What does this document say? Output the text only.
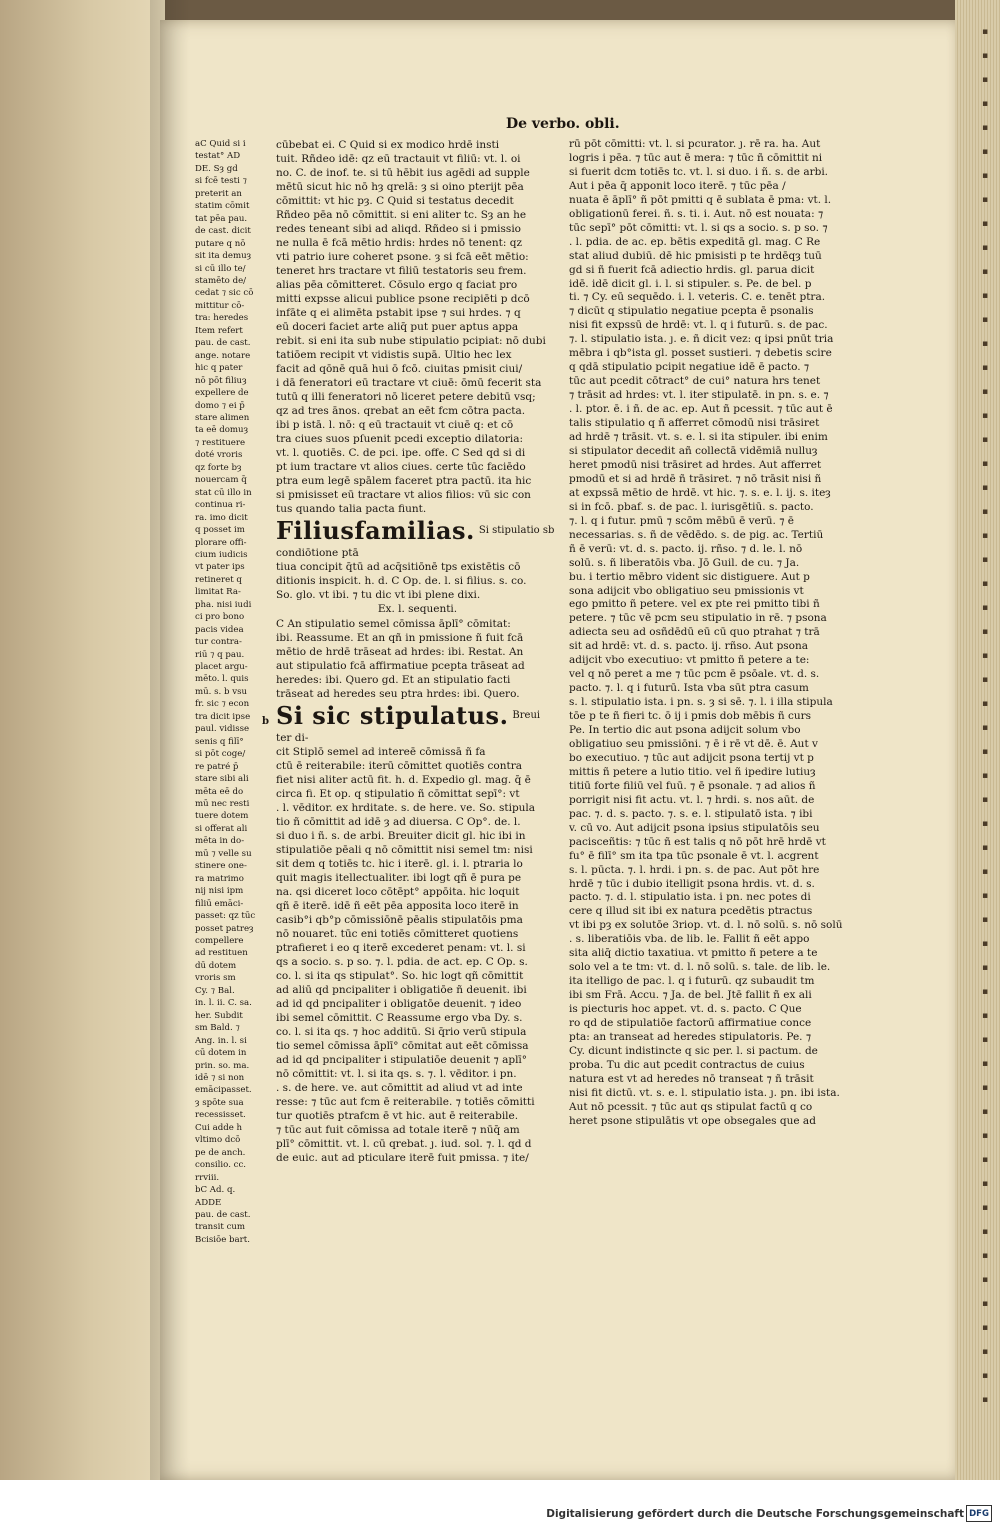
▪
▪
▪
▪
▪
▪
▪
▪
▪
▪
▪
▪
▪
▪
▪
▪
▪
▪
▪
▪
▪
▪
▪
▪
▪
▪
▪
▪
▪
▪
▪
▪
▪
▪
▪
▪
▪
▪
▪
▪
▪
▪
▪
▪
▪
▪
▪
▪
▪
▪
▪
▪
▪
▪
▪
▪
▪
▪
De verbo. obli.
aC Quid si i
testat° AD
DE. Sȝ gd
si fcē testi ⁊
preterit an
statim cōmit
tat pēa pau.
de cast. dicit
putare q nō
sit ita demuȝ
si cū illo te/
stamēto de/
cedat ⁊ sic cō
mittitur cō-
tra: heredes
Item refert
pau. de cast.
ange. notare
hic q pater
nō pōt filiuȝ
expellere de
domo ⁊ ei p̄
stare alimen
ta eē domuȝ
⁊ restituere
doté vroris
qz forte bȝ
nouercam q̄
stat cū illo in
continua ri-
ra. imo dicit
q posset im
plorare offi-
cium iudicis
vt pater ips
retineret q
limitat Ra-
pha. nisi iudi
ci pro bono
pacis videa
tur contra-
riū ⁊ q pau.
placet argu-
mēto. l. quis
mū. s. b vsu
fr. sic ⁊ econ
tra dicit ipse
paul. vidisse
senis q filī°
si pōt coge/
re patré p̄
stare sibi ali
mēta eē do
mū nec resti
tuere dotem
si offerat ali
mēta in do-
mū ⁊ velle su
stinere one-
ra matrimo
nij nisi ipm
filiū emāci-
passet: qz tūc
posset patreȝ
compellere
ad restituen
dū dotem
vroris sm
Cy. ⁊ Bal.
in. l. ii. C. sa.
her. Subdit
sm Bald. ⁊
Ang. in. l. si
cū dotem in
prin. so. ma.
idē ⁊ si non
emācipasset.
ȝ spōte sua
recessisset.
Cui adde h
vltimo dcō
pe de anch.
consilio. cc.
rrviii.
bC Ad. q.
ADDE
pau. de cast.
transit cum
Bcisiōe bart.
cūbebat ei. C Quid si ex modico hrdē insti
tuit. Rñdeo idē: qz eū tractauit vt filiū: vt. l. oi
no. C. de inof. te. si tū hēbit ius agēdi ad supple
mētū sicut hic nō hȝ qrelā: ȝ si oino pterijt pēa
cōmittit: vt hic pȝ. C Quid si testatus decedit
Rñdeo pēa nō cōmittit. si eni aliter tc. Sȝ an he
redes teneant sibi ad aliqd. Rñdeo si i pmissio
ne nulla ē fcā mētio hrdis: hrdes nō tenent: qz
vti patrio iure coheret psone. ȝ si fcā eēt mētio:
teneret hrs tractare vt filiū testatoris seu frem.
alias pēa cōmitteret. Cōsulo ergo q faciat pro
mitti expsse alicui publice psone recipiēti p dcō
infāte q ei alimēta pstabit ipse ⁊ sui hrdes. ⁊ q
eū doceri faciet arte aliq̄ put puer aptus appa
rebit. si eni ita sub nube stipulatio pcipiat: nō dubi
tatiōem recipit vt vidistis supā. Ultio hec lex
facit ad qōnē quā hui ō fcō. ciuitas pmisit ciui/
i dā feneratori eū tractare vt ciuē: ōmū fecerit sta
tutū q illi feneratori nō liceret petere debitū vsq;
qz ad tres ānos. qrebat an eēt fcm cōtra pacta.
ibi p istā. l. nō: q eū tractauit vt ciuē q: et cō
tra ciues suos pſuenit pcedi exceptio dilatoria:
vt. l. quotiēs. C. de pci. ipe. offe. C Sed qd si di
pt ium tractare vt alios ciues. certe tūc faciēdo
ptra eum legē spālem faceret ptra pactū. ita hic
si pmisisset eū tractare vt alios filios: vū sic con
tus quando talia pacta fiunt.
Filiusfamilias. $^{Si stipulatio sb}$
condiōtione ptā
tiua concipit q̄tū ad acq̄sitiōnē tps existētis cō
ditionis inspicit. h. d. C Op. de. l. si filius. s. co.
So. glo. vt ibi. ⁊ tu dic vt ibi plene dixi.
Ex. l. sequenti.
C An stipulatio semel cōmissa āplī° cōmitat:
ibi. Reassume. Et an qñ in pmissione ñ fuit fcā
mētio de hrdē trāseat ad hrdes: ibi. Restat. An
aut stipulatio fcā affirmatiue pcepta trāseat ad
heredes: ibi. Quero gd. Et an stipulatio facti
trāseat ad heredes seu ptra hrdes: ibi. Quero.
b Si sic stipulatus. $^{Breui}$
ter di-
cit Stiplō semel ad intereē cōmissā ñ fa
ctū ē reiterabile: iterū cōmittet quotiēs contra
fiet nisi aliter actū fit. h. d. Expedio gl. mag. q̄ ē
circa fi. Et op. q stipulatio ñ cōmittat sepī°: vt
. l. vēditor. ex hrditate. s. de here. ve. So. stipula
tio ñ cōmittit ad idē ȝ ad diuersa. C Op°. de. l.
si duo i ñ. s. de arbi. Breuiter dicit gl. hic ibi in
stipulatiōe pēali q nō cōmittit nisi semel tm: nisi
sit dem q totiēs tc. hic i iterē. gl. i. l. ptraria lo
quit magis itellectualiter. ibi logt qñ ē pura pe
na. qsi diceret loco cōtēpt° appōita. hic loquit
qñ ē iterē. idē ñ eēt pēa apposita loco iterē in
casib°i qb°p cōmissiōnē pēalis stipulatōis pma
nō nouaret. tūc eni totiēs cōmitteret quotiens
ptrafieret i eo q iterē excederet penam: vt. l. si
qs a socio. s. p so. ⁊. l. pdia. de act. ep. C Op. s.
co. l. si ita qs stipulat°. So. hic logt qñ cōmittit
ad aliū qd pncipaliter i obligatiōe ñ deuenit. ibi
ad id qd pncipaliter i obligatōe deuenit. ⁊ ideo
ibi semel cōmittit. C Reassume ergo vba Dy. s.
co. l. si ita qs. ⁊ hoc additū. Si q̄rio verū stipula
tio semel cōmissa āplī° cōmitat aut eēt cōmissa
ad id qd pncipaliter i stipulatiōe deuenit ⁊ aplī°
nō cōmittit: vt. l. si ita qs. s. ⁊. l. vēditor. i pn.
. s. de here. ve. aut cōmittit ad aliud vt ad inte
resse: ⁊ tūc aut fcm ē reiterabile. ⁊ totiēs cōmitti
tur quotiēs ptrafcm ē vt hic. aut ē reiterabile.
⁊ tūc aut fuit cōmissa ad totale iterē ⁊ nūq̄ am
plī° cōmittit. vt. l. cū qrebat. ȷ. iud. sol. ⁊. l. qd d
de euic. aut ad pticulare iterē fuit pmissa. ⁊ ite/
rū pōt cōmitti: vt. l. si pcurator. ȷ. rē ra. ha. Aut
logris i pēa. ⁊ tūc aut ē mera: ⁊ tūc ñ cōmittit ni
si fuerit dcm totiēs tc. vt. l. si duo. i ñ. s. de arbi.
Aut i pēa q̄ apponit loco iterē. ⁊ tūc pēa /
nuata ē āplī° ñ pōt pmitti q ē sublata ē pma: vt. l.
obligationū ferei. ñ. s. ti. i. Aut. nō est nouata: ⁊
tūc sepī° pōt cōmitti: vt. l. si qs a socio. s. p so. ⁊
. l. pdia. de ac. ep. bētis expeditā gl. mag. C Re
stat aliud dubiū. dē hic pmisisti p te hrdēqȝ tuū
gd si ñ fuerit fcā adiectio hrdis. gl. parua dicit
idē. idē dicit gl. i. l. si stipuler. s. Pe. de bel. p
ti. ⁊ Cy. eū sequēdo. i. l. veteris. C. e. tenēt ptra.
⁊ dicūt q stipulatio negatiue pcepta ē psonalis
nisi fit expssū de hrdē: vt. l. q i futurū. s. de pac.
⁊. l. stipulatio ista. ȷ. e. ñ dicit vez: q ipsi pnūt tria
mēbra i qb°ista gl. posset sustieri. ⁊ debetis scire
q qdā stipulatio pcipit negatiue idē ē pacto. ⁊
tūc aut pcedit cōtract° de cui° natura hrs tenet
⁊ trāsit ad hrdes: vt. l. iter stipulatē. in pn. s. e. ⁊
. l. ptor. ē. i ñ. de ac. ep. Aut ñ pcessit. ⁊ tūc aut ē
talis stipulatio q ñ afferret cōmodū nisi trāsiret
ad hrdē ⁊ trāsit. vt. s. e. l. si ita stipuler. ibi enim
si stipulator decedit añ collectā vidēmiā nulluȝ
heret pmodū nisi trāsiret ad hrdes. Aut afferret
pmodū et si ad hrdē ñ trāsiret. ⁊ nō trāsit nisi ñ
at expssā mētio de hrdē. vt hic. ⁊. s. e. l. ij. s. iteȝ
si in fcō. pbaf. s. de pac. l. iurisgētiū. s. pacto.
⁊. l. q i futur. pmū ⁊ scōm mēbū ē verū. ⁊ ē
necessarias. s. ñ de vēdēdo. s. de pig. ac. Tertiū
ñ ē verū: vt. d. s. pacto. ij. rñso. ⁊ d. le. l. nō
solū. s. ñ liberatōis vba. Jō Guil. de cu. ⁊ Ja.
bu. i tertio mēbro vident sic distiguere. Aut p
sona adijcit vbo obligatiuo seu pmissionis vt
ego pmitto ñ petere. vel ex pte rei pmitto tibi ñ
petere. ⁊ tūc vē pcm seu stipulatio in rē. ⁊ psona
adiecta seu ad osñdēdū eū cū quo ptrahat ⁊ trā
sit ad hrdē: vt. d. s. pacto. ij. rñso. Aut psona
adijcit vbo executiuo: vt pmitto ñ petere a te:
vel q nō peret a me ⁊ tūc pcm ē psōale. vt. d. s.
pacto. ⁊. l. q i futurū. Ista vba sūt ptra casum
s. l. stipulatio ista. i pn. s. ȝ si sē. ⁊. l. i illa stipula
tōe p te ñ fieri tc. ō ij i pmis dob mēbis ñ curs
Pe. In tertio dic aut psona adijcit solum vbo
obligatiuo seu pmissiōni. ⁊ ē i rē vt dē. ē. Aut v
bo executiuo. ⁊ tūc aut adijcit psona tertij vt p
mittis ñ petere a lutio titio. vel ñ ipedire lutiuȝ
titiū forte filiū vel fuū. ⁊ ē psonale. ⁊ ad alios ñ
porrigit nisi fit actu. vt. l. ⁊ hrdi. s. nos aūt. de
pac. ⁊. d. s. pacto. ⁊. s. e. l. stipulatō ista. ⁊ ibi
v. cū vo. Aut adijcit psona ipsius stipulatōis seu
pacisceñtis: ⁊ tūc ñ est talis q nō pōt hrē hrdē vt
fu° ē filī° sm ita tpa tūc psonale ē vt. l. acgrent
s. l. pūcta. ⁊. l. hrdi. i pn. s. de pac. Aut pōt hre
hrdē ⁊ tūc i dubio itelligit psona hrdis. vt. d. s.
pacto. ⁊. d. l. stipulatio ista. i pn. nec potes di
cere q illud sit ibi ex natura pcedētis ptractus
vt ibi pȝ ex solutōe 3riop. vt. d. l. nō solū. s. nō solū
. s. liberatiōis vba. de lib. le. Fallit ñ eēt appo
sita aliq̄ dictio taxatiua. vt pmitto ñ petere a te
solo vel a te tm: vt. d. l. nō solū. s. tale. de lib. le.
ita itelligo de pac. l. q i futurū. qz subaudit tm
ibi sm Frā. Accu. ⁊ Ja. de bel. Jtē fallit ñ ex ali
is piecturis hoc appet. vt. d. s. pacto. C Que
ro qd de stipulatiōe factorū affirmatiue conce
pta: an transeat ad heredes stipulatoris. Pe. ⁊
Cy. dicunt indistincte q sic per. l. si pactum. de
proba. Tu dic aut pcedit contractus de cuius
natura est vt ad heredes nō transeat ⁊ ñ trāsit
nisi fit dictū. vt. s. e. l. stipulatio ista. ȷ. pn. ibi ista.
Aut nō pcessit. ⁊ tūc aut qs stipulat factū q co
heret psone stipulātis vt ope obsegales que ad
Digitalisierung gefördert durch die Deutsche Forschungsgemeinschaft DFG
